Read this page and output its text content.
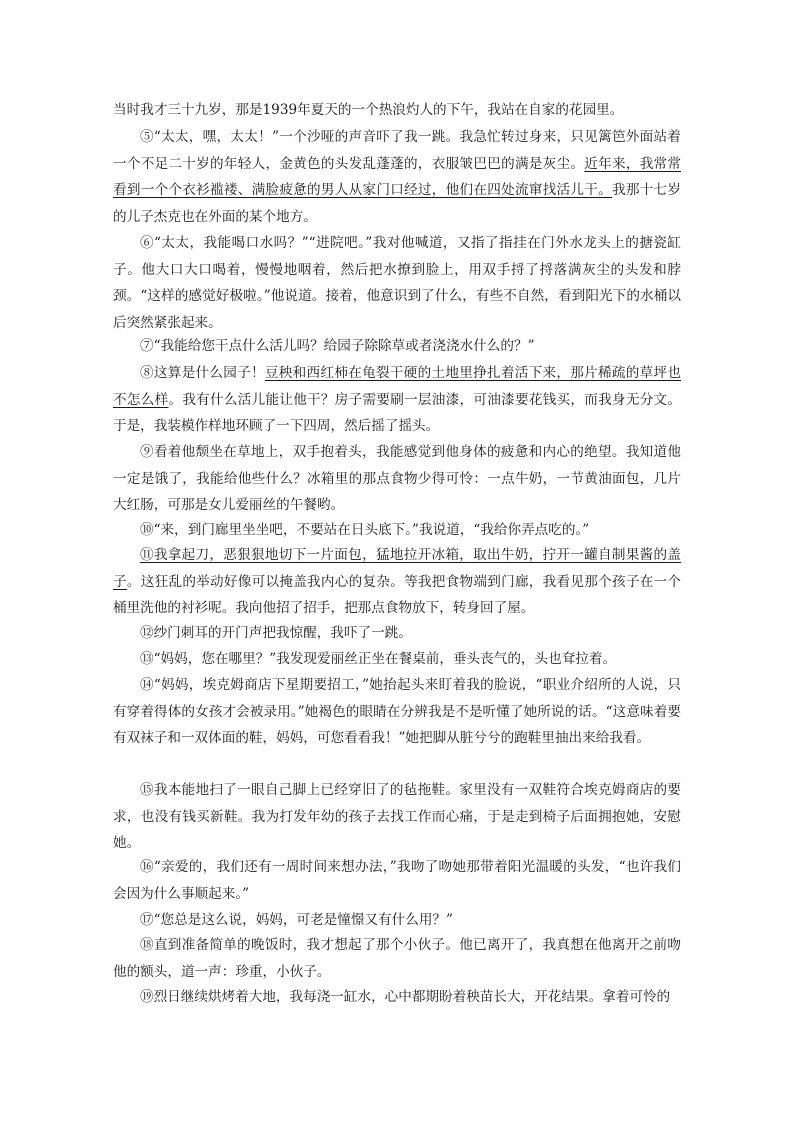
当时我才三十九岁，那是1939年夏天的一个热浪灼人的下午，我站在自家的花园里。

⑤“太太，嘿，太太！”一个沙哑的声音吓了我一跳。我急忙转过身来，只见篱笆外面站着一个不足二十岁的年轻人，金黄色的头发乱蓬蓬的，衣服皱巴巴的满是灰尘。近年来，我常常看到一个个衣衫褴褛、满脸疲惫的男人从家门口经过，他们在四处流窜找活儿干。我那十七岁的儿子杰克也在外面的某个地方。

⑥“太太，我能喝口水吗？”“进院吧。”我对他喊道，又指了指挂在门外水龙头上的搪瓷缸子。他大口大口喝着，慢慢地咽着，然后把水撩到脸上，用双手捋了捋落满灰尘的头发和脖颈。“这样的感觉好极啦。”他说道。接着，他意识到了什么，有些不自然，看到阳光下的水桶以后突然紧张起来。

⑦“我能给您干点什么活儿吗？给园子除除草或者浇浇水什么的？”

⑧这算是什么园子！豆秧和西红柿在龟裂干硬的土地里挣扎着活下来，那片稀疏的草坪也不怎么样。我有什么活儿能让他干？房子需要刷一层油漆，可油漆要花钱买，而我身无分文。于是，我装模作样地环顾了一下四周，然后摇了摇头。

⑨看着他颓坐在草地上，双手抱着头，我能感觉到他身体的疲惫和内心的绝望。我知道他一定是饿了，我能给他些什么？冰箱里的那点食物少得可怜：一点牛奶，一节黄油面包，几片大红肠，可那是女儿爱丽丝的午餐哟。

⑩“来，到门廊里坐坐吧，不要站在日头底下。”我说道，“我给你弄点吃的。”

⑪我拿起刀，恶狠狠地切下一片面包，猛地拉开冰箱，取出牛奶，拧开一罐自制果酱的盖子。这狂乱的举动好像可以掩盖我内心的复杂。等我把食物端到门廊，我看见那个孩子在一个桶里洗他的衬衫呢。我向他招了招手，把那点食物放下，转身回了屋。

⑫纱门刺耳的开门声把我惊醒，我吓了一跳。

⑬“妈妈，您在哪里？”我发现爱丽丝正坐在餐桌前，垂头丧气的，头也耷拉着。

⑭“妈妈，埃克姆商店下星期要招工，”她抬起头来盯着我的脸说，“职业介绍所的人说，只有穿着得体的女孩才会被录用。”她褐色的眼睛在分辨我是不是听懂了她所说的话。“这意味着要有双袜子和一双体面的鞋，妈妈，可您看看我！”她把脚从脏兮兮的跑鞋里抽出来给我看。

⑮我本能地扫了一眼自己脚上已经穿旧了的毡拖鞋。家里没有一双鞋符合埃克姆商店的要求，也没有钱买新鞋。我为打发年幼的孩子去找工作而心痛，于是走到椅子后面拥抱她，安慰她。

⑯“亲爱的，我们还有一周时间来想办法，”我吻了吻她那带着阳光温暖的头发，“也许我们会因为什么事顺起来。”

⑰“您总是这么说，妈妈，可老是憧憬又有什么用？”

⑱直到准备简单的晚饭时，我才想起了那个小伙子。他已离开了，我真想在他离开之前吻他的额头，道一声：珍重，小伙子。

⑲烈日继续烘烤着大地，我每浇一缸水，心中都期盼着秧苗长大，开花结果。拿着可怜的
